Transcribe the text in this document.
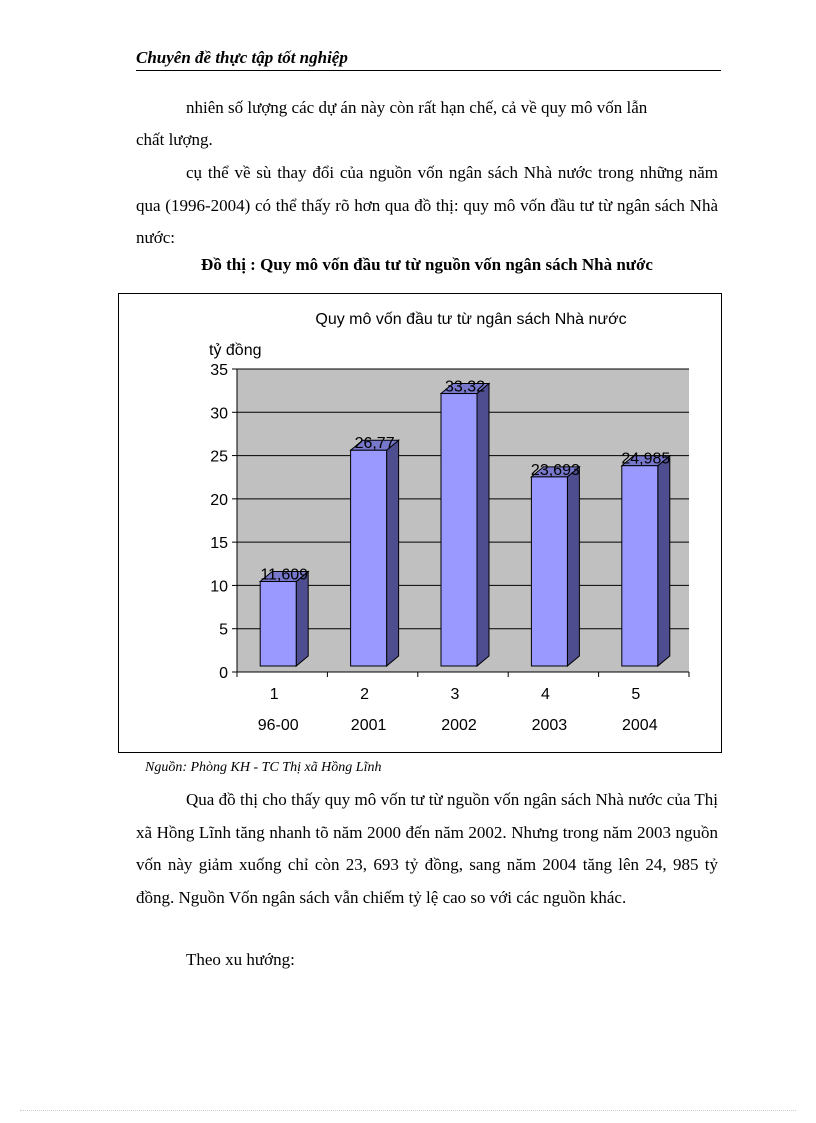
Chuyên đề thực tập tốt nghiệp

nhiên số lượng các dự án này còn rất hạn chế, cả về quy mô vốn lẫn

chất lượng.

cụ thể về sù thay đổi của nguồn vốn ngân sách Nhà nước trong những năm qua (1996-2004) có thể thấy rõ hơn qua đồ thị: quy mô vốn đầu tư từ ngân sách Nhà nước:

Đồ thị : Quy mô vốn đầu tư từ nguồn vốn ngân sách Nhà nước
Quy mô vốn đầu tư từ ngân sách Nhà nước
tỷ đồng
0
5
10
15
20
25
30
35
11,609
1
96-00
26,77
2
2001
33,32
3
2002
23,693
4
2003
24,985
5
2004
Nguồn: Phòng KH - TC Thị xã Hồng Lĩnh

Qua đồ thị cho thấy quy mô vốn tư từ nguồn vốn ngân sách Nhà nước của Thị xã Hồng Lĩnh tăng nhanh tõ năm 2000 đến năm 2002. Nhưng trong năm 2003 nguồn vốn này giảm xuống chỉ còn 23, 693 tỷ đồng, sang năm 2004 tăng lên 24, 985 tỷ đồng. Nguồn Vốn ngân sách vẫn chiếm tỷ lệ cao so với các nguồn khác.

Theo xu hướng:
